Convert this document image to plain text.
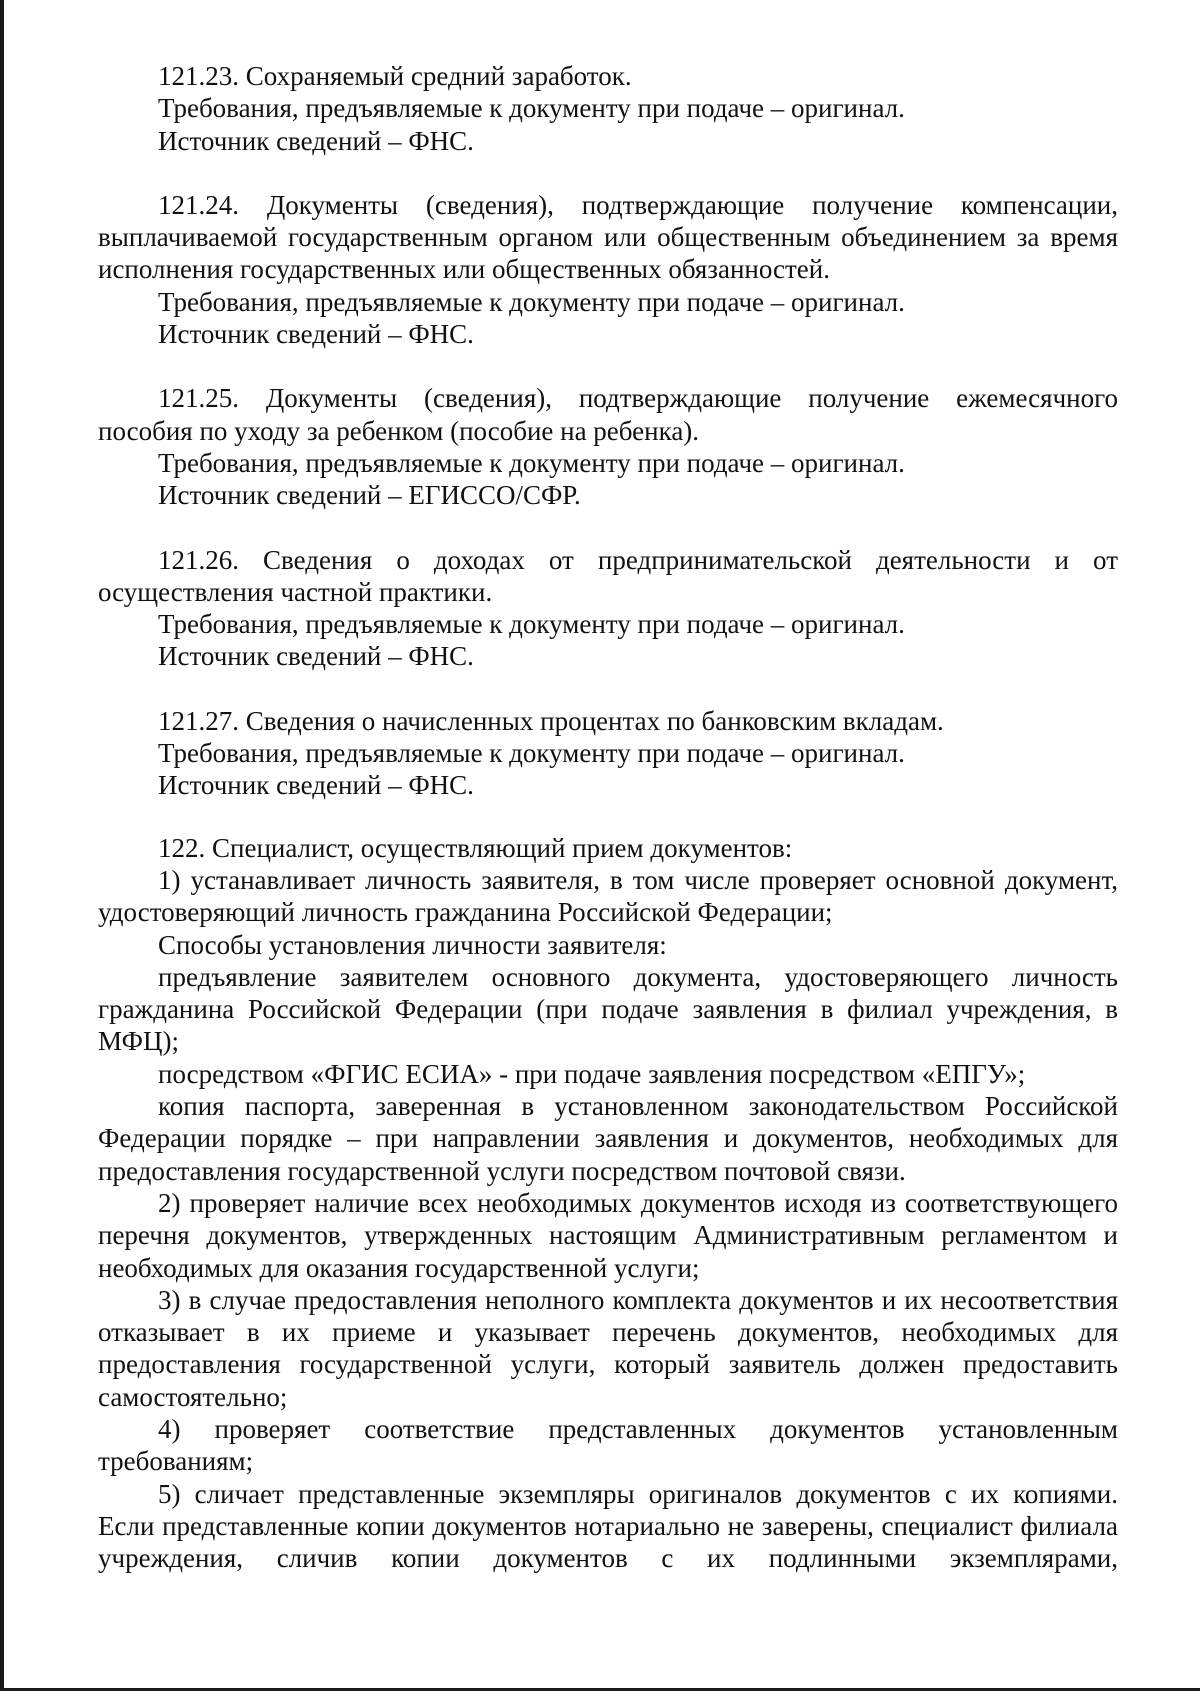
121.23. Сохраняемый средний заработок.

Требования, предъявляемые к документу при подаче – оригинал.

Источник сведений – ФНС.

121.24. Документы (сведения), подтверждающие получение компенсации, выплачиваемой государственным органом или общественным объединением за время исполнения государственных или общественных обязанностей.

Требования, предъявляемые к документу при подаче – оригинал.

Источник сведений – ФНС.

121.25. Документы (сведения), подтверждающие получение ежемесячного пособия по уходу за ребенком (пособие на ребенка).

Требования, предъявляемые к документу при подаче – оригинал.

Источник сведений – ЕГИССО/СФР.

121.26. Сведения о доходах от предпринимательской деятельности и от осуществления частной практики.

Требования, предъявляемые к документу при подаче – оригинал.

Источник сведений – ФНС.

121.27. Сведения о начисленных процентах по банковским вкладам.

Требования, предъявляемые к документу при подаче – оригинал.

Источник сведений – ФНС.

122. Специалист, осуществляющий прием документов:

1) устанавливает личность заявителя, в том числе проверяет основной документ, удостоверяющий личность гражданина Российской Федерации;

Способы установления личности заявителя:

предъявление заявителем основного документа, удостоверяющего личность гражданина Российской Федерации (при подаче заявления в филиал учреждения, в МФЦ);

посредством «ФГИС ЕСИА» - при подаче заявления посредством «ЕПГУ»;

копия паспорта, заверенная в установленном законодательством Российской Федерации порядке – при направлении заявления и документов, необходимых для предоставления государственной услуги посредством почтовой связи.

2) проверяет наличие всех необходимых документов исходя из соответствующего перечня документов, утвержденных настоящим Административным регламентом и необходимых для оказания государственной услуги;

3) в случае предоставления неполного комплекта документов и их несоответствия отказывает в их приеме и указывает перечень документов, необходимых для предоставления государственной услуги, который заявитель должен предоставить самостоятельно;

4) проверяет соответствие представленных документов установленным требованиям;

5) сличает представленные экземпляры оригиналов документов с их копиями. Если представленные копии документов нотариально не заверены, специалист филиала учреждения, сличив копии документов с их подлинными экземплярами,
